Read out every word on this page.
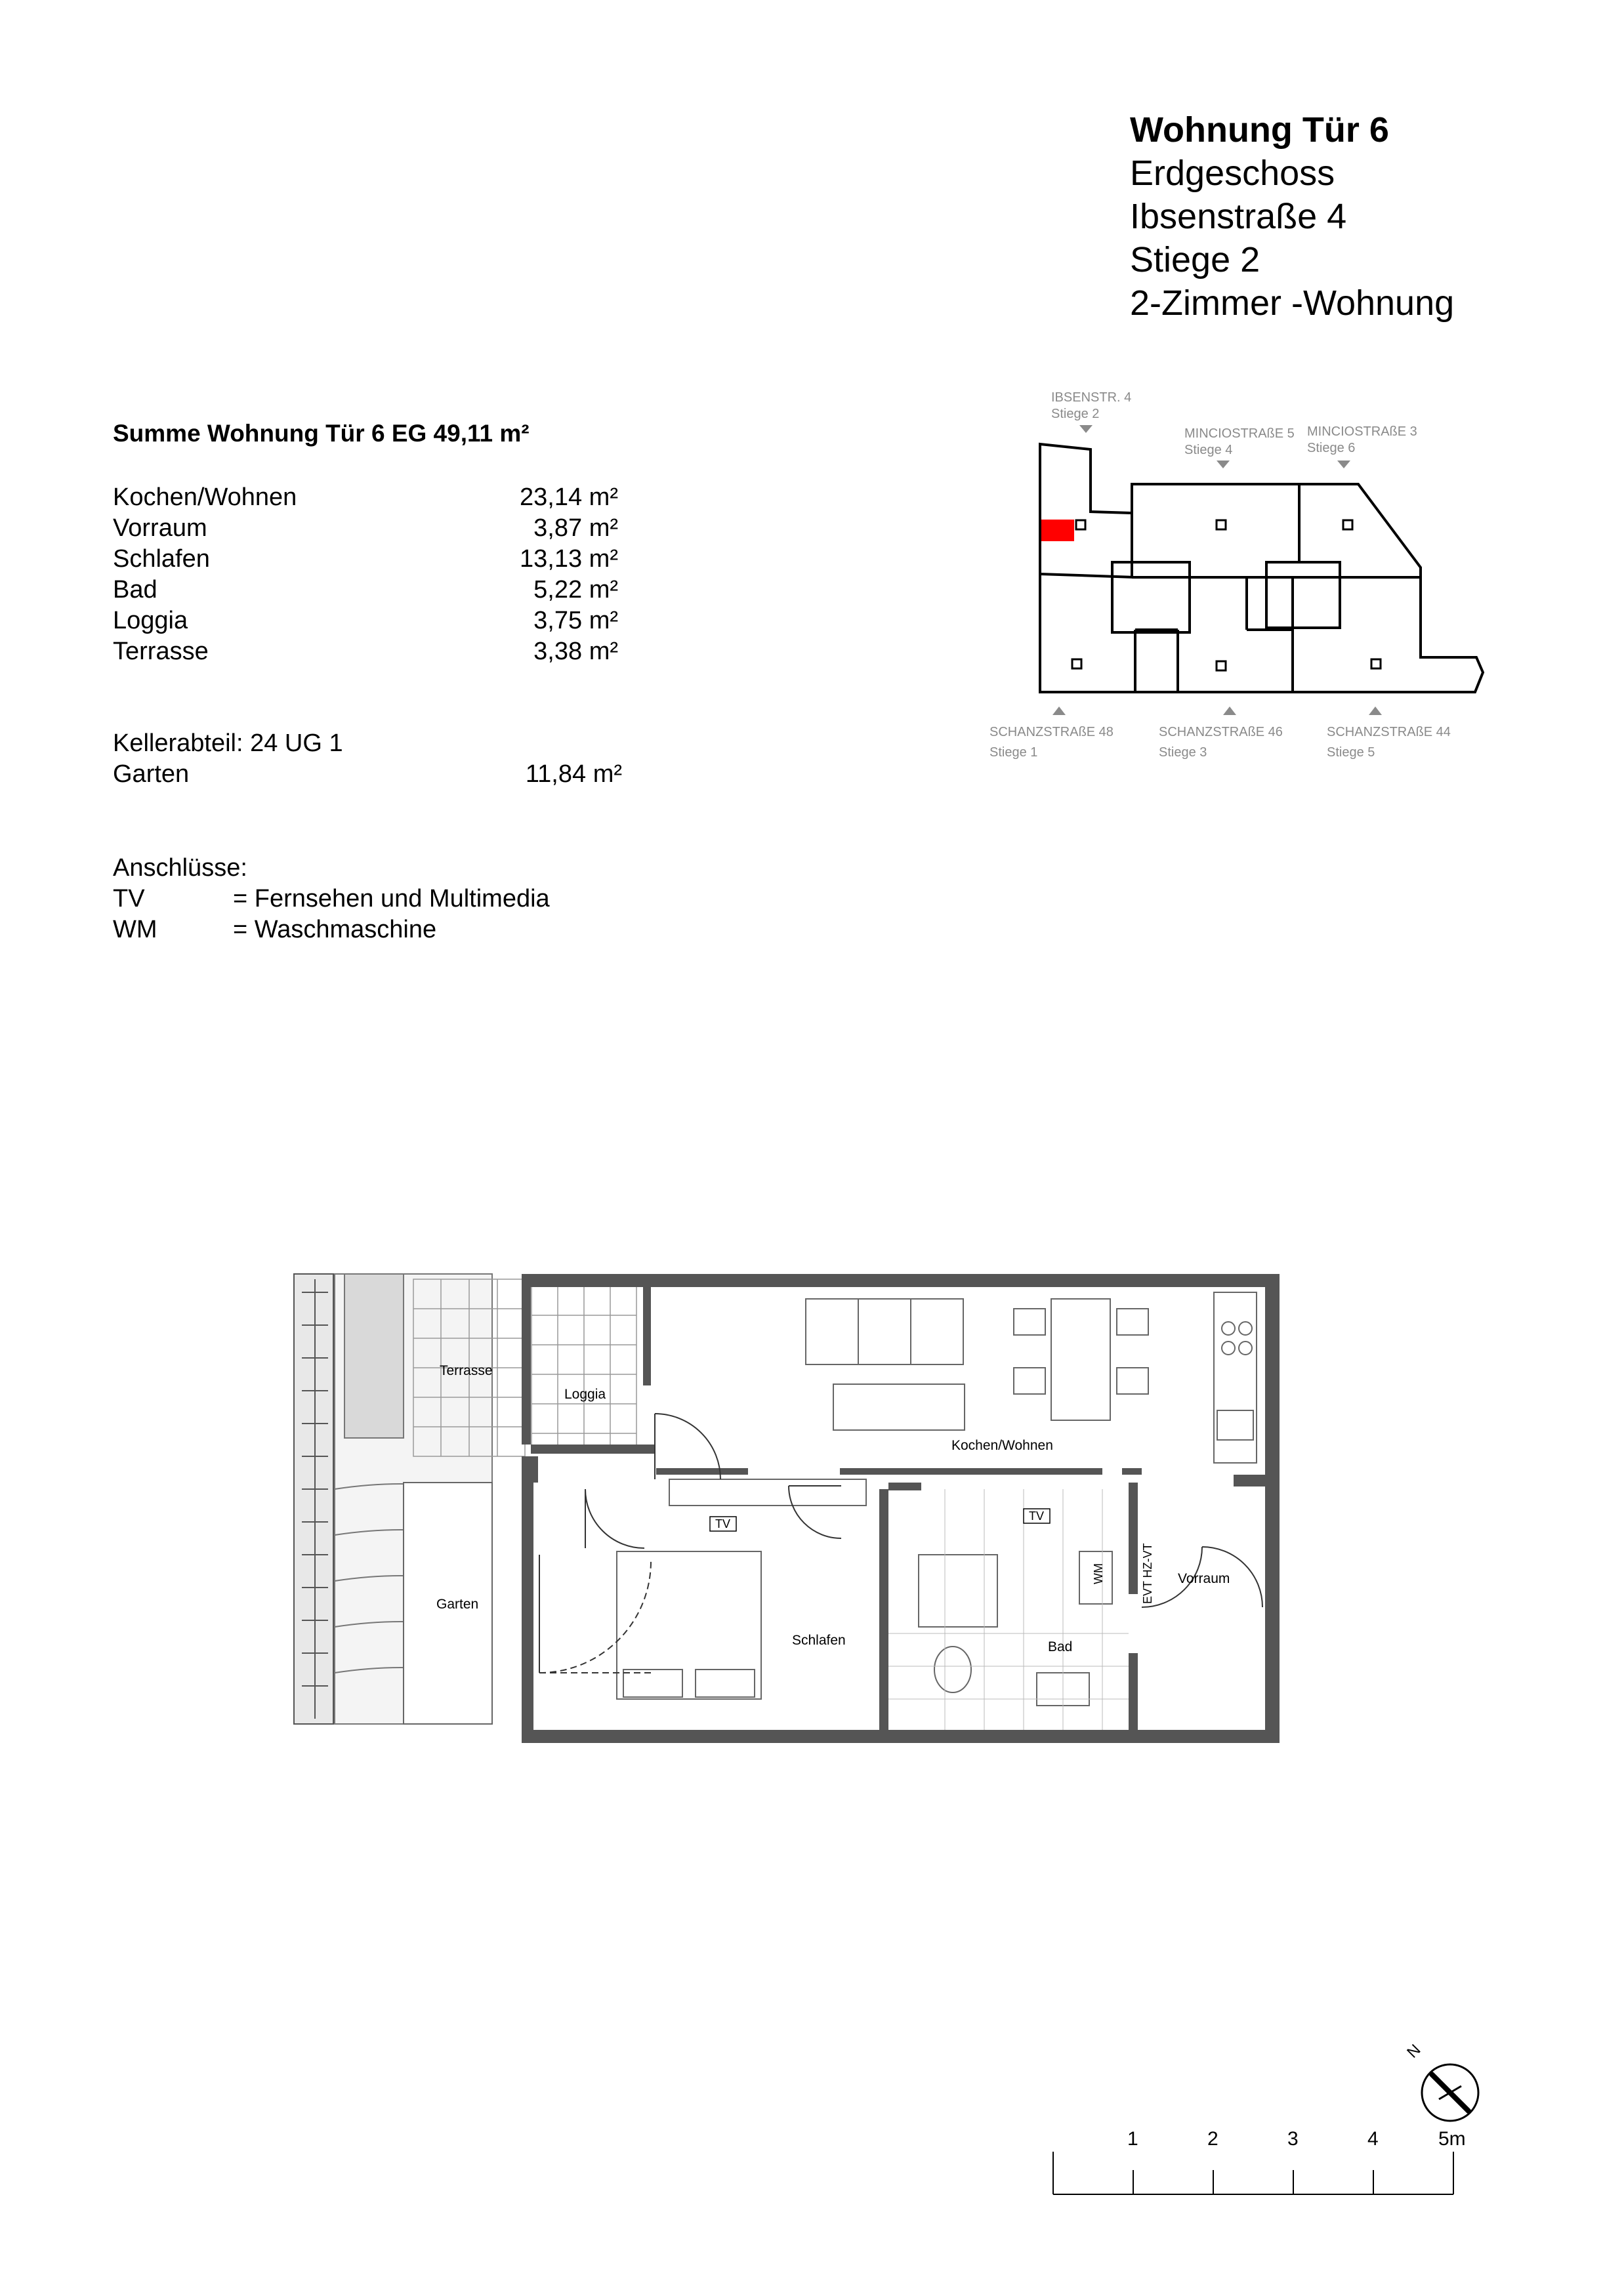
Wohnung Tür 6
Erdgeschoss
Ibsenstraße 4
Stiege 2
2-Zimmer -Wohnung
Summe Wohnung Tür 6 EG 49,11 m²
Kochen/Wohnen	23,14 m²
Vorraum	3,87 m²
Schlafen	13,13 m²
Bad	5,22 m²
Loggia	3,75 m²
Terrasse	3,38 m²
Kellerabteil: 24 UG 1
Garten	11,84 m²
Anschlüsse:
TV	= Fernsehen und Multimedia
WM	= Waschmaschine
IBSENSTR. 4
Stiege 2
MINCIOSTRAßE 5
Stiege 4
MINCIOSTRAßE 3
Stiege 6
SCHANZSTRAßE 48
Stiege 1
SCHANZSTRAßE 46
Stiege 3
SCHANZSTRAßE 44
Stiege 5
Terrasse
Loggia
Kochen/Wohnen
Schlafen	Bad
Vorraum
Garten
TV
TV
WM	EVT HZ-VT
N
1	2	3	4	5m
